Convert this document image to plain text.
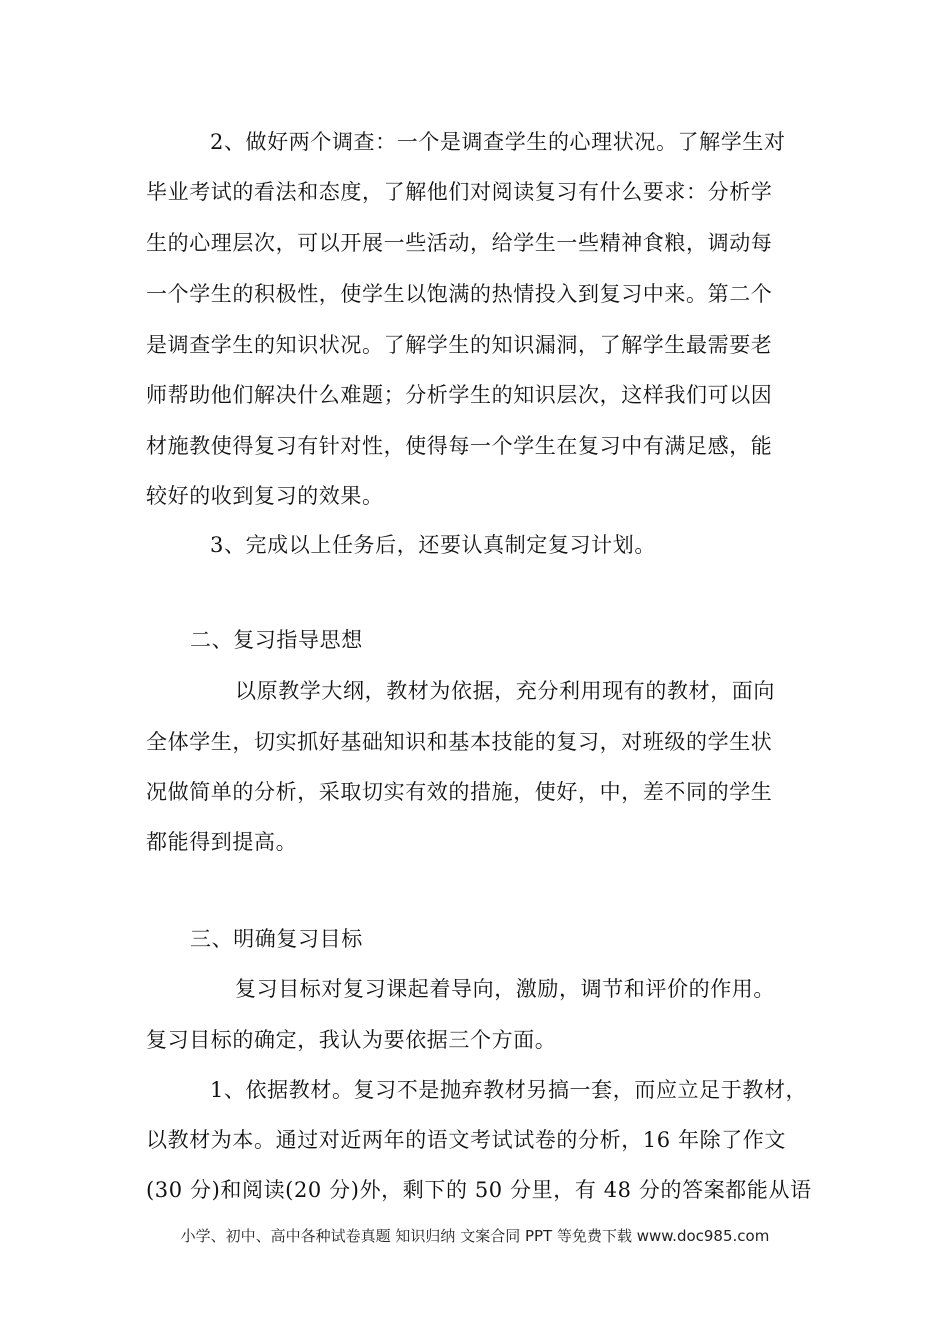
2、做好两个调查：一个是调查学生的心理状况。了解学生对
毕业考试的看法和态度，了解他们对阅读复习有什么要求：分析学
生的心理层次，可以开展一些活动，给学生一些精神食粮，调动每
一个学生的积极性，使学生以饱满的热情投入到复习中来。第二个
是调查学生的知识状况。了解学生的知识漏洞，了解学生最需要老
师帮助他们解决什么难题；分析学生的知识层次，这样我们可以因
材施教使得复习有针对性，使得每一个学生在复习中有满足感，能
较好的收到复习的效果。
3、完成以上任务后，还要认真制定复习计划。
二、复习指导思想
以原教学大纲，教材为依据，充分利用现有的教材，面向
全体学生，切实抓好基础知识和基本技能的复习，对班级的学生状
况做简单的分析，采取切实有效的措施，使好，中，差不同的学生
都能得到提高。
三、明确复习目标
复习目标对复习课起着导向，激励，调节和评价的作用。
复习目标的确定，我认为要依据三个方面。
1、依据教材。复习不是抛弃教材另搞一套，而应立足于教材，
以教材为本。通过对近两年的语文考试试卷的分析，16 年除了作文
(30 分)和阅读(20 分)外，剩下的 50 分里，有 48 分的答案都能从语
小学、初中、高中各种试卷真题 知识归纳 文案合同 PPT 等免费下载 www.doc985.com
